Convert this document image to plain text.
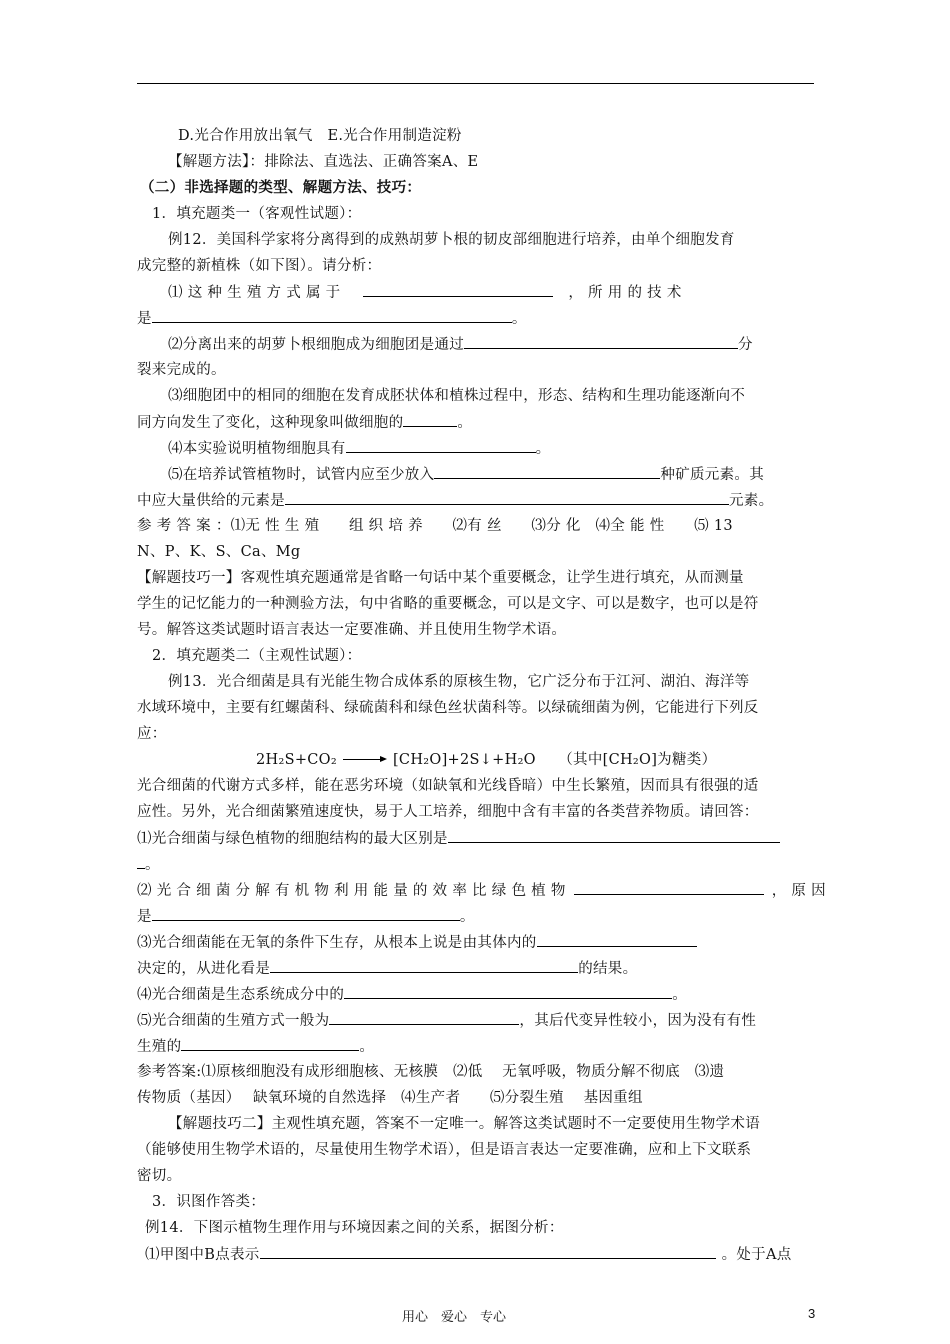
D.光合作用放出氧气　E.光合作用制造淀粉
【解题方法】：排除法、直选法、正确答案A、E
（二）非选择题的类型、解题方法、技巧：
1．填充题类一（客观性试题）：
例12．美国科学家将分离得到的成熟胡萝卜根的韧皮部细胞进行培养，由单个细胞发育
成完整的新植株（如下图）。请分析：
⑴ 这 种 生 殖 方 式 属 于	， 所 用 的 技 术
是	。
⑵分离出来的胡萝卜根细胞成为细胞团是通过	分
裂来完成的。
⑶细胞团中的相同的细胞在发育成胚状体和植株过程中，形态、结构和生理功能逐渐向不
同方向发生了变化，这种现象叫做细胞的	。
⑷本实验说明植物细胞具有	。
⑸在培养试管植物时，试管内应至少放入	种矿质元素。其
中应大量供给的元素是	元素。
参 考 答 案 ：⑴无 性 生 殖　　组 织 培 养　　⑵有 丝　　⑶分 化　⑷全 能 性　　⑸ 13
N、P、K、S、Ca、Mg
【解题技巧一】客观性填充题通常是省略一句话中某个重要概念，让学生进行填充，从而测量
学生的记忆能力的一种测验方法，句中省略的重要概念，可以是文字、可以是数字，也可以是符
号。解答这类试题时语言表达一定要准确、并且使用生物学术语。
2．填充题类二（主观性试题）：
例13．光合细菌是具有光能生物合成体系的原核生物，它广泛分布于江河、湖泊、海洋等
水域环境中，主要有红螺菌科、绿硫菌科和绿色丝状菌科等。以绿硫细菌为例，它能进行下列反
应：
2H₂S+CO₂	[CH₂O]+2S↓+H₂O　　（其中[CH₂O]为糖类）
光合细菌的代谢方式多样，能在恶劣环境（如缺氧和光线昏暗）中生长繁殖，因而具有很强的适
应性。另外，光合细菌繁殖速度快，易于人工培养，细胞中含有丰富的各类营养物质。请回答：
⑴光合细菌与绿色植物的细胞结构的最大区别是
。
⑵ 光 合 细 菌 分 解 有 机 物 利 用 能 量 的 效 率 比 绿 色 植 物	， 原 因
是	。
⑶光合细菌能在无氧的条件下生存，从根本上说是由其体内的
决定的，从进化看是	的结果。
⑷光合细菌是生态系统成分中的	。
⑸光合细菌的生殖方式一般为	，其后代变异性较小，因为没有有性
生殖的	。
参考答案:⑴原核细胞没有成形细胞核、无核膜　⑵低　 无氧呼吸，物质分解不彻底　⑶遗
传物质（基因）　 缺氧环境的自然选择　⑷生产者　　⑸分裂生殖　 基因重组
【解题技巧二】主观性填充题，答案不一定唯一。解答这类试题时不一定要使用生物学术语
（能够使用生物学术语的，尽量使用生物学术语），但是语言表达一定要准确，应和上下文联系
密切。
3．识图作答类：
例14．下图示植物生理作用与环境因素之间的关系，据图分析：
⑴甲图中B点表示	。处于A点
用心　爱心　专心	3
